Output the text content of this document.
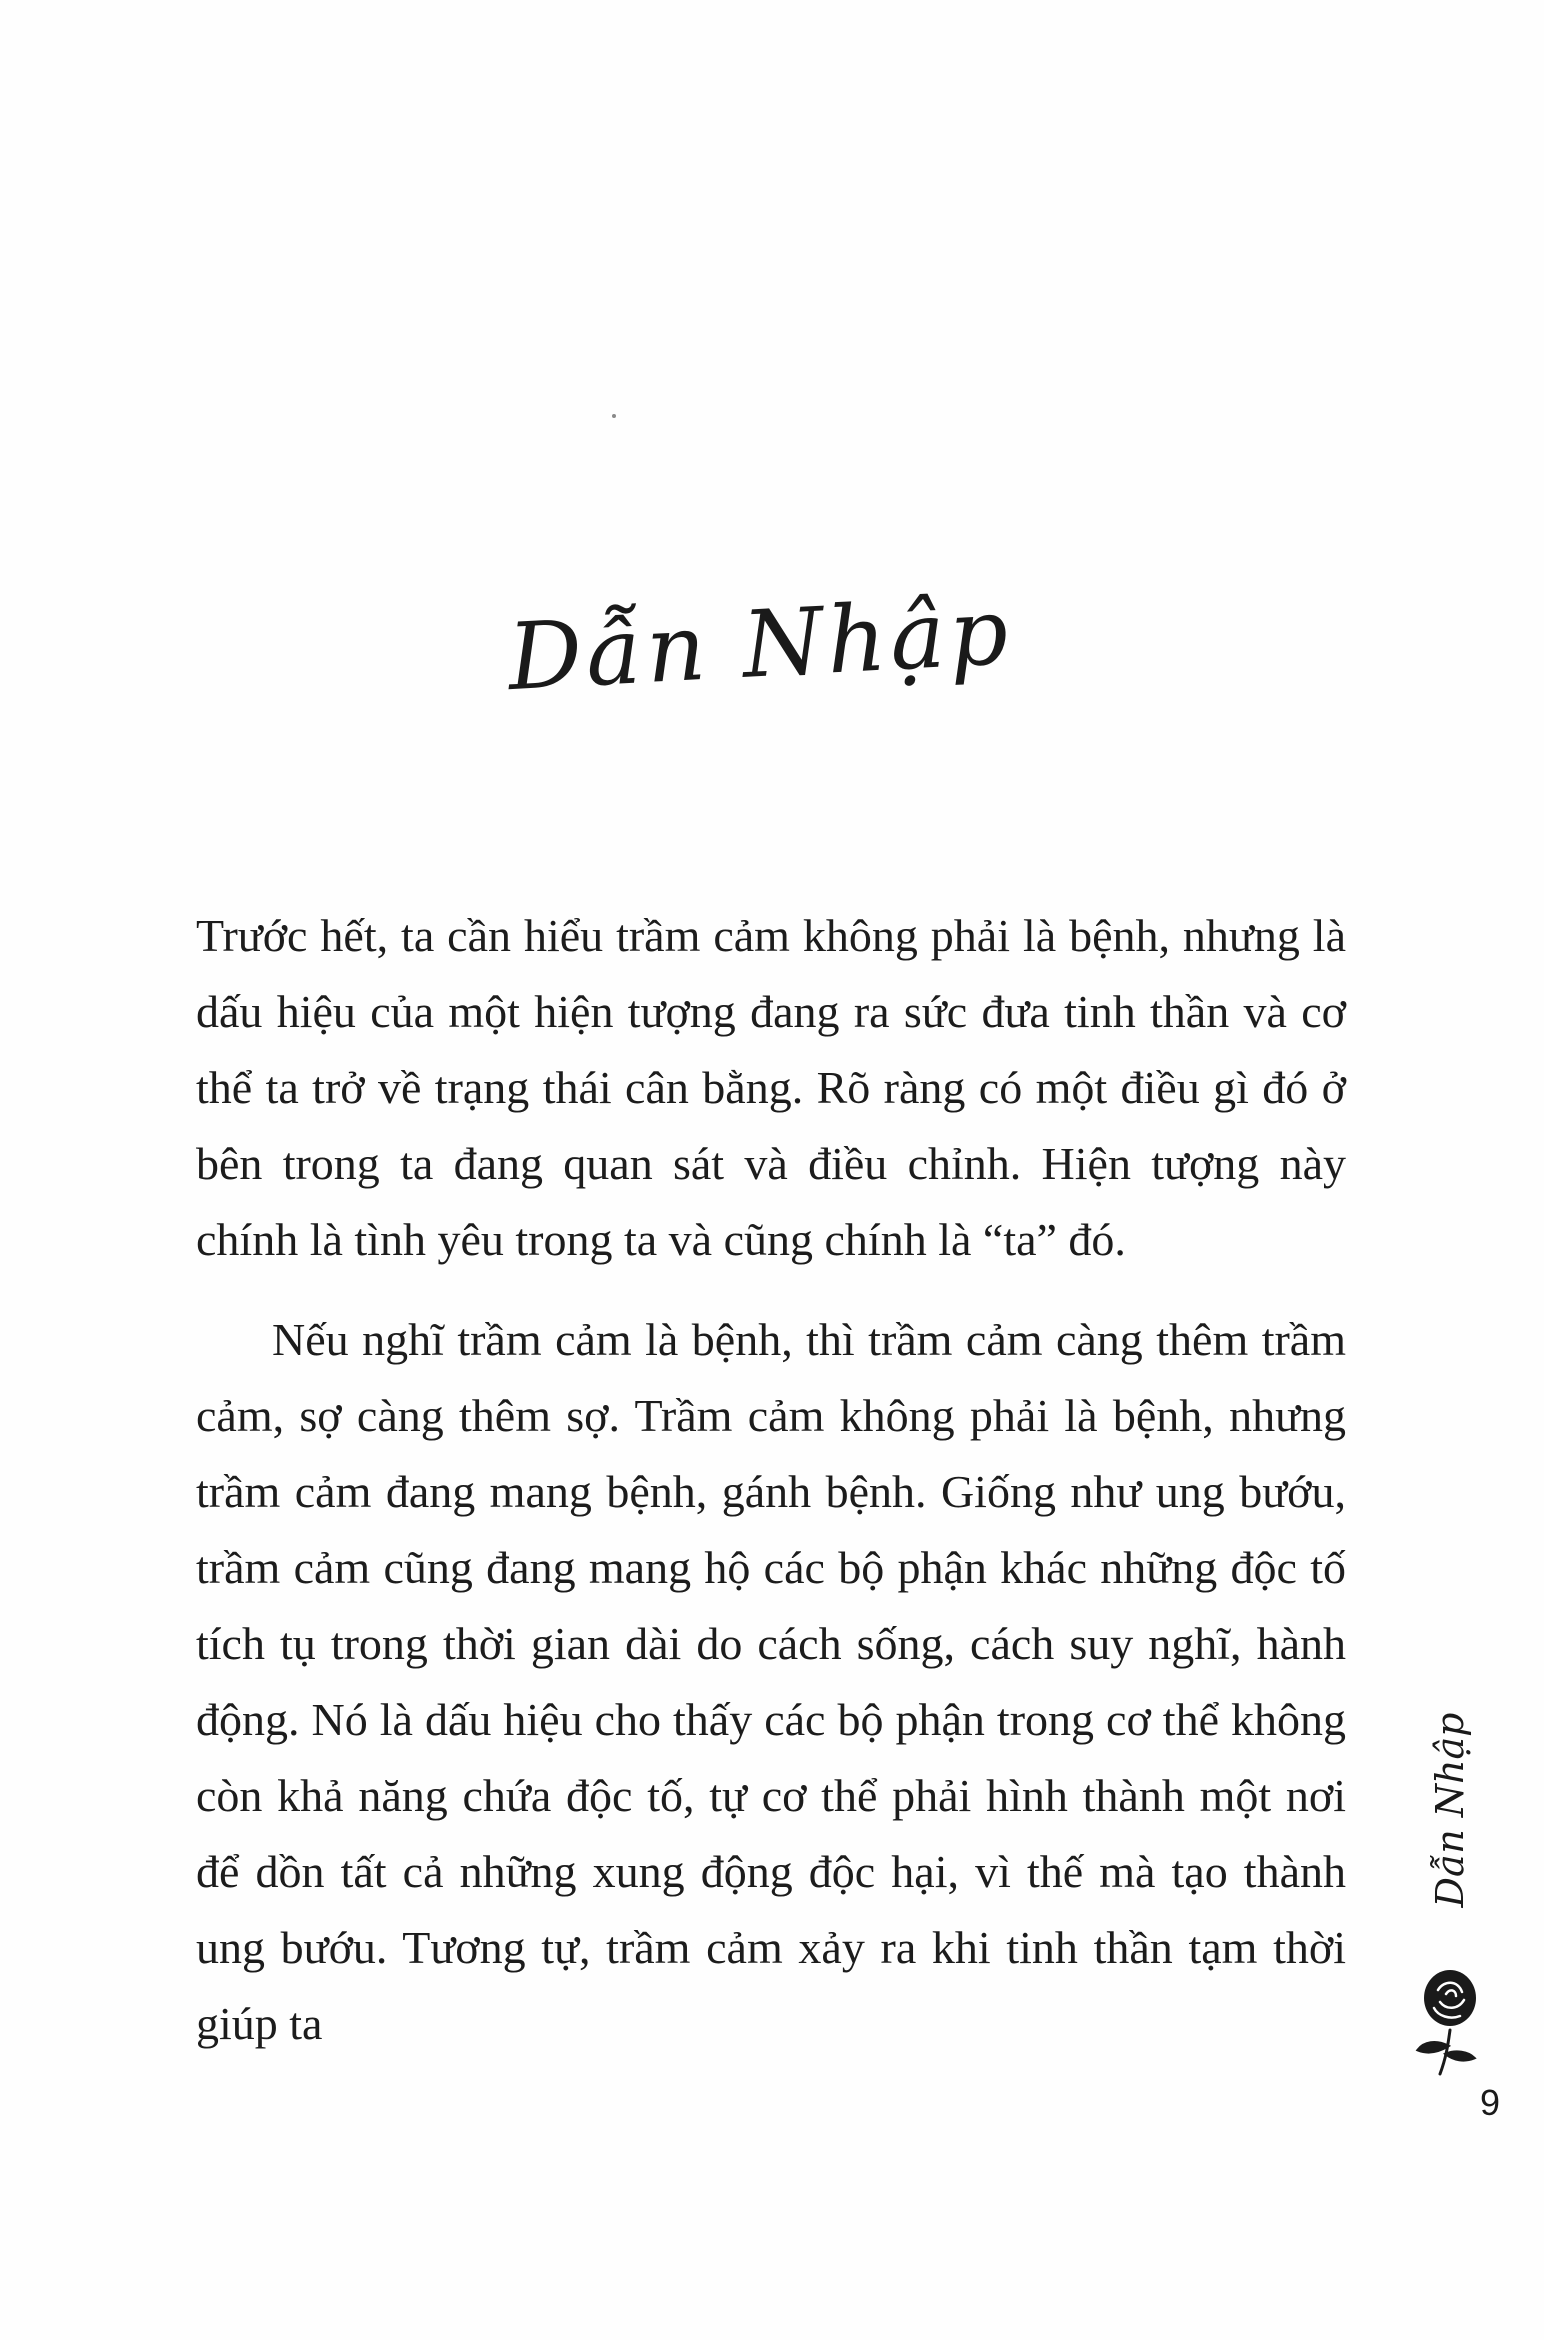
Dẫn Nhập

Trước hết, ta cần hiểu trầm cảm không phải là bệnh, nhưng là dấu hiệu của một hiện tượng đang ra sức đưa tinh thần và cơ thể ta trở về trạng thái cân bằng. Rõ ràng có một điều gì đó ở bên trong ta đang quan sát và điều chỉnh. Hiện tượng này chính là tình yêu trong ta và cũng chính là “ta” đó.

Nếu nghĩ trầm cảm là bệnh, thì trầm cảm càng thêm trầm cảm, sợ càng thêm sợ. Trầm cảm không phải là bệnh, nhưng trầm cảm đang mang bệnh, gánh bệnh. Giống như ung bướu, trầm cảm cũng đang mang hộ các bộ phận khác những độc tố tích tụ trong thời gian dài do cách sống, cách suy nghĩ, hành động. Nó là dấu hiệu cho thấy các bộ phận trong cơ thể không còn khả năng chứa độc tố, tự cơ thể phải hình thành một nơi để dồn tất cả những xung động độc hại, vì thế mà tạo thành ung bướu. Tương tự, trầm cảm xảy ra khi tinh thần tạm thời giúp ta

Dẫn Nhập
9
